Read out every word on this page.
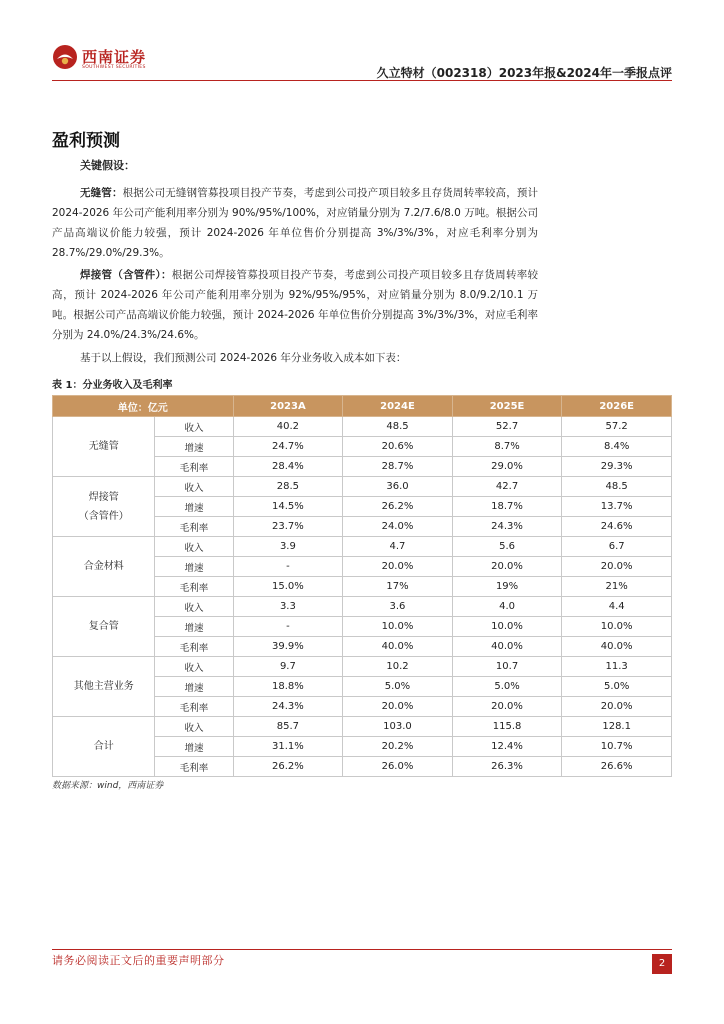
西南证券
SOUTHWEST SECURITIES	久立特材（002318）2023年报&2024年一季报点评
盈利预测
关键假设：
无缝管：根据公司无缝钢管募投项目投产节奏，考虑到公司投产项目较多且存货周转率较高，预计 2024-2026 年公司产能利用率分别为 90%/95%/100%，对应销量分别为 7.2/7.6/8.0 万吨。根据公司产品高端议价能力较强，预计 2024-2026 年单位售价分别提高 3%/3%/3%，对应毛利率分别为 28.7%/29.0%/29.3%。
焊接管（含管件）：根据公司焊接管募投项目投产节奏，考虑到公司投产项目较多且存货周转率较高，预计 2024-2026 年公司产能利用率分别为 92%/95%/95%，对应销量分别为 8.0/9.2/10.1 万吨。根据公司产品高端议价能力较强，预计 2024-2026 年单位售价分别提高 3%/3%/3%，对应毛利率分别为 24.0%/24.3%/24.6%。
基于以上假设，我们预测公司 2024-2026 年分业务收入成本如下表：
表 1：分业务收入及毛利率
单位：亿元		2023A	2024E	2025E	2026E

无缝管	收入	40.2	48.5	52.7	57.2
	增速	24.7%	20.6%	8.7%	8.4%
	毛利率	28.4%	28.7%	29.0%	29.3%

焊接管
（含管件）	收入	28.5	36.0	42.7	48.5
	增速	14.5%	26.2%	18.7%	13.7%
	毛利率	23.7%	24.0%	24.3%	24.6%

合金材料	收入	3.9	4.7	5.6	6.7
	增速	-	20.0%	20.0%	20.0%
	毛利率	15.0%	17%	19%	21%

复合管	收入	3.3	3.6	4.0	4.4
	增速	-	10.0%	10.0%	10.0%
	毛利率	39.9%	40.0%	40.0%	40.0%

其他主营业务	收入	9.7	10.2	10.7	11.3
	增速	18.8%	5.0%	5.0%	5.0%
	毛利率	24.3%	20.0%	20.0%	20.0%

合计	收入	85.7	103.0	115.8	128.1
	增速	31.1%	20.2%	12.4%	10.7%
	毛利率	26.2%	26.0%	26.3%	26.6%
数据来源：wind，西南证券
请务必阅读正文后的重要声明部分	2
